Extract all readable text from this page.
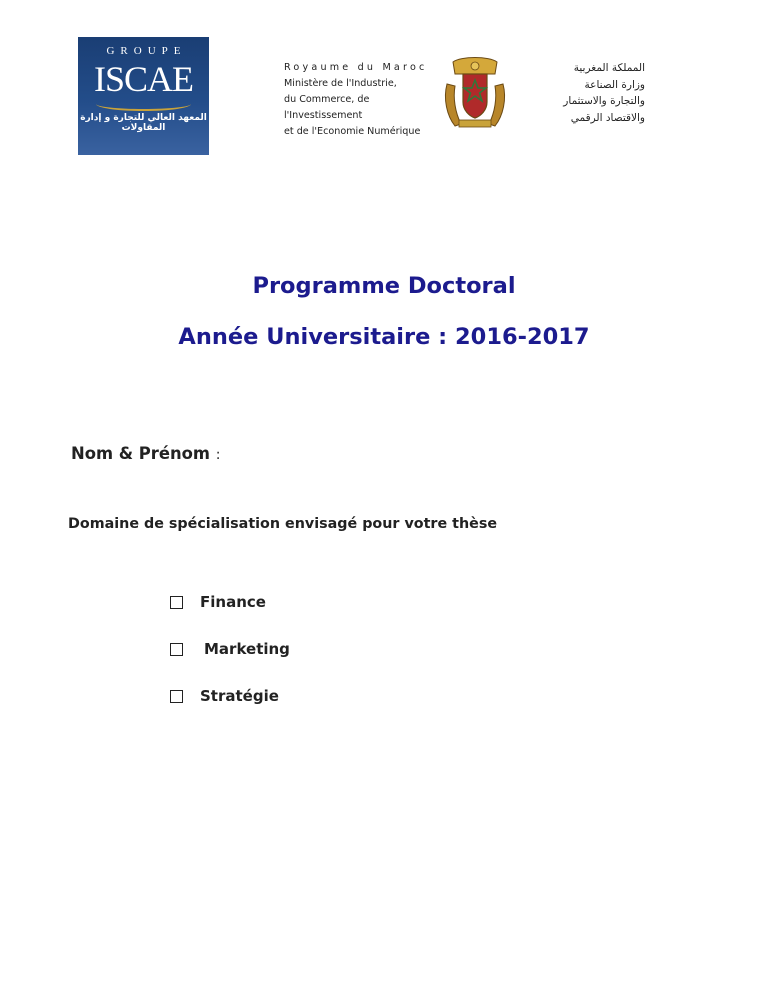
GROUPE
ISCAE
المعهد العالي للتجارة و إدارة المقاولات
Royaume du Maroc
Ministère de l'Industrie,
du Commerce, de l'Investissement
et de l'Economie Numérique
المملكة المغربية
وزارة الصناعة
والتجارة والاستثمار
والاقتصاد الرقمي
Programme Doctoral
Année Universitaire : 2016-2017
Nom & Prénom :
Domaine de spécialisation envisagé pour votre thèse
Finance
Marketing
Stratégie
